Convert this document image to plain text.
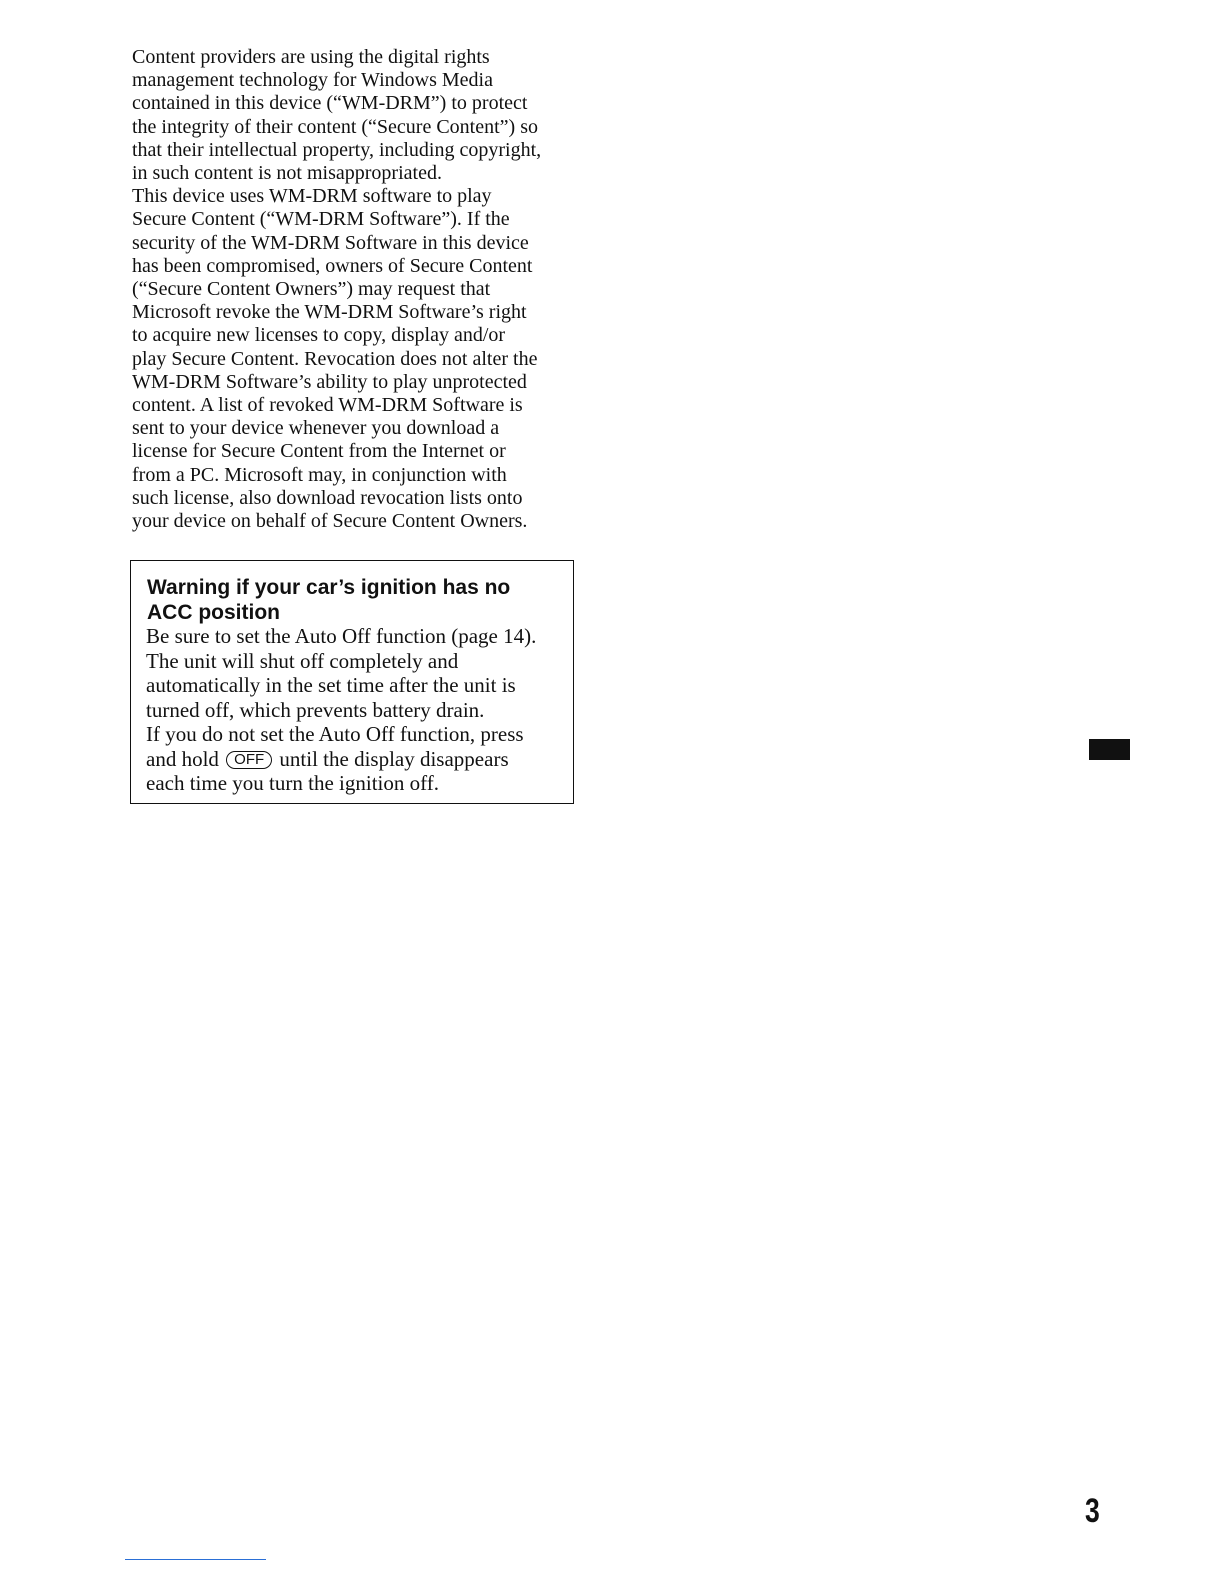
Content providers are using the digital rights
management technology for Windows Media
contained in this device (“WM-DRM”) to protect
the integrity of their content (“Secure Content”) so
that their intellectual property, including copyright,
in such content is not misappropriated.
This device uses WM-DRM software to play
Secure Content (“WM-DRM Software”). If the
security of the WM-DRM Software in this device
has been compromised, owners of Secure Content
(“Secure Content Owners”) may request that
Microsoft revoke the WM-DRM Software’s right
to acquire new licenses to copy, display and/or
play Secure Content. Revocation does not alter the
WM-DRM Software’s ability to play unprotected
content. A list of revoked WM-DRM Software is
sent to your device whenever you download a
license for Secure Content from the Internet or
from a PC. Microsoft may, in conjunction with
such license, also download revocation lists onto
your device on behalf of Secure Content Owners.
Warning if your car’s ignition has no
ACC position
Be sure to set the Auto Off function (page 14).
The unit will shut off completely and
automatically in the set time after the unit is
turned off, which prevents battery drain.
If you do not set the Auto Off function, press
and hold OFF until the display disappears
each time you turn the ignition off.

3
